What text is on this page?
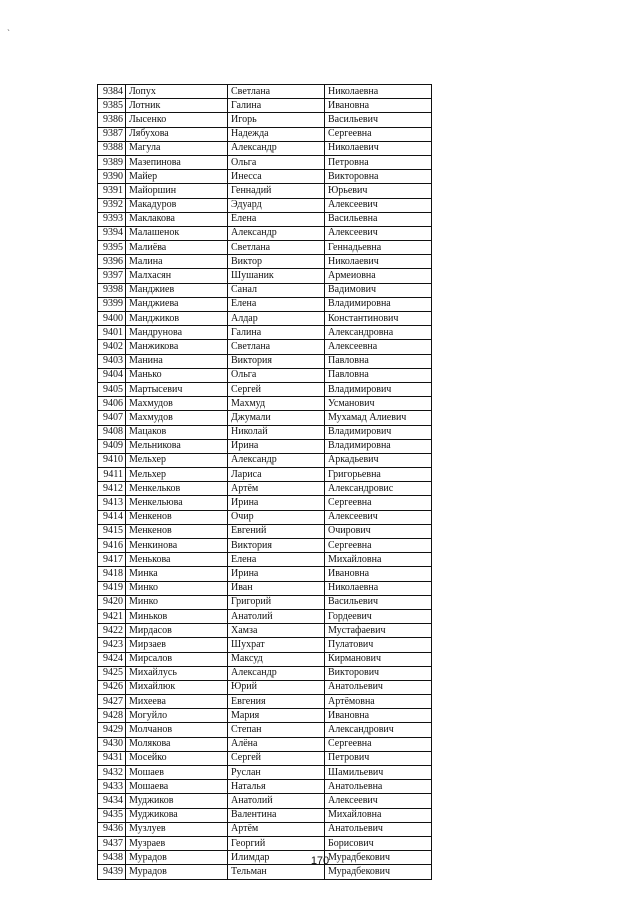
`
9384	Лопух	Светлана	Николаевна
9385	Лотник	Галина	Ивановна
9386	Лысенко	Игорь	Васильевич
9387	Лябухова	Надежда	Сергеевна
9388	Магула	Александр	Николаевич
9389	Мазепинова	Ольга	Петровна
9390	Майер	Инесса	Викторовна
9391	Майоршин	Геннадий	Юрьевич
9392	Макадуров	Эдуард	Алексеевич
9393	Маклакова	Елена	Васильевна
9394	Малашенок	Александр	Алексеевич
9395	Малиёва	Светлана	Геннадьевна
9396	Малина	Виктор	Николаевич
9397	Малхасян	Шушаник	Армеиовна
9398	Манджиев	Санал	Вадимович
9399	Манджиева	Елена	Владимировна
9400	Манджиков	Алдар	Константинович
9401	Мандрунова	Галина	Александровна
9402	Манжикова	Светлана	Алексеевна
9403	Манина	Виктория	Павловна
9404	Манько	Ольга	Павловна
9405	Мартысевич	Сергей	Владимирович
9406	Махмудов	Махмуд	Усманович
9407	Махмудов	Джумали	Мухамад Алиевич
9408	Мацаков	Николай	Владимирович
9409	Мельникова	Ирина	Владимировна
9410	Мельхер	Александр	Аркадьевич
9411	Мельхер	Лариса	Григорьевна
9412	Менкельков	Артём	Александровис
9413	Менкельюва	Ирина	Сергеевна
9414	Менкенов	Очир	Алексеевич
9415	Менкенов	Евгений	Очирович
9416	Менкинова	Виктория	Сергеевна
9417	Менькова	Елена	Михайловна
9418	Минка	Ирина	Ивановна
9419	Минко	Иван	Николаевна
9420	Минко	Григорий	Васильевич
9421	Миньков	Анатолий	Гордеевич
9422	Мирдасов	Хамза	Мустафаевич
9423	Мирзаев	Шухрат	Пулатович
9424	Мирсалов	Максуд	Кирманович
9425	Михайлусь	Александр	Викторович
9426	Михайлюк	Юрий	Анатольевич
9427	Михеева	Евгения	Артёмовна
9428	Могуйло	Мария	Ивановна
9429	Молчанов	Степан	Александрович
9430	Молякова	Алёна	Сергеевна
9431	Мосейко	Сергей	Петрович
9432	Мошаев	Руслан	Шамильевич
9433	Мошаева	Наталья	Анатольевна
9434	Муджиков	Анатолий	Алексеевич
9435	Муджикова	Валентина	Михайловна
9436	Музлуев	Артём	Анатольевич
9437	Музраев	Георгий	Борисович
9438	Мурадов	Илимдар	Мурадбекович
9439	Мурадов	Тельман	Мурадбекович
170
